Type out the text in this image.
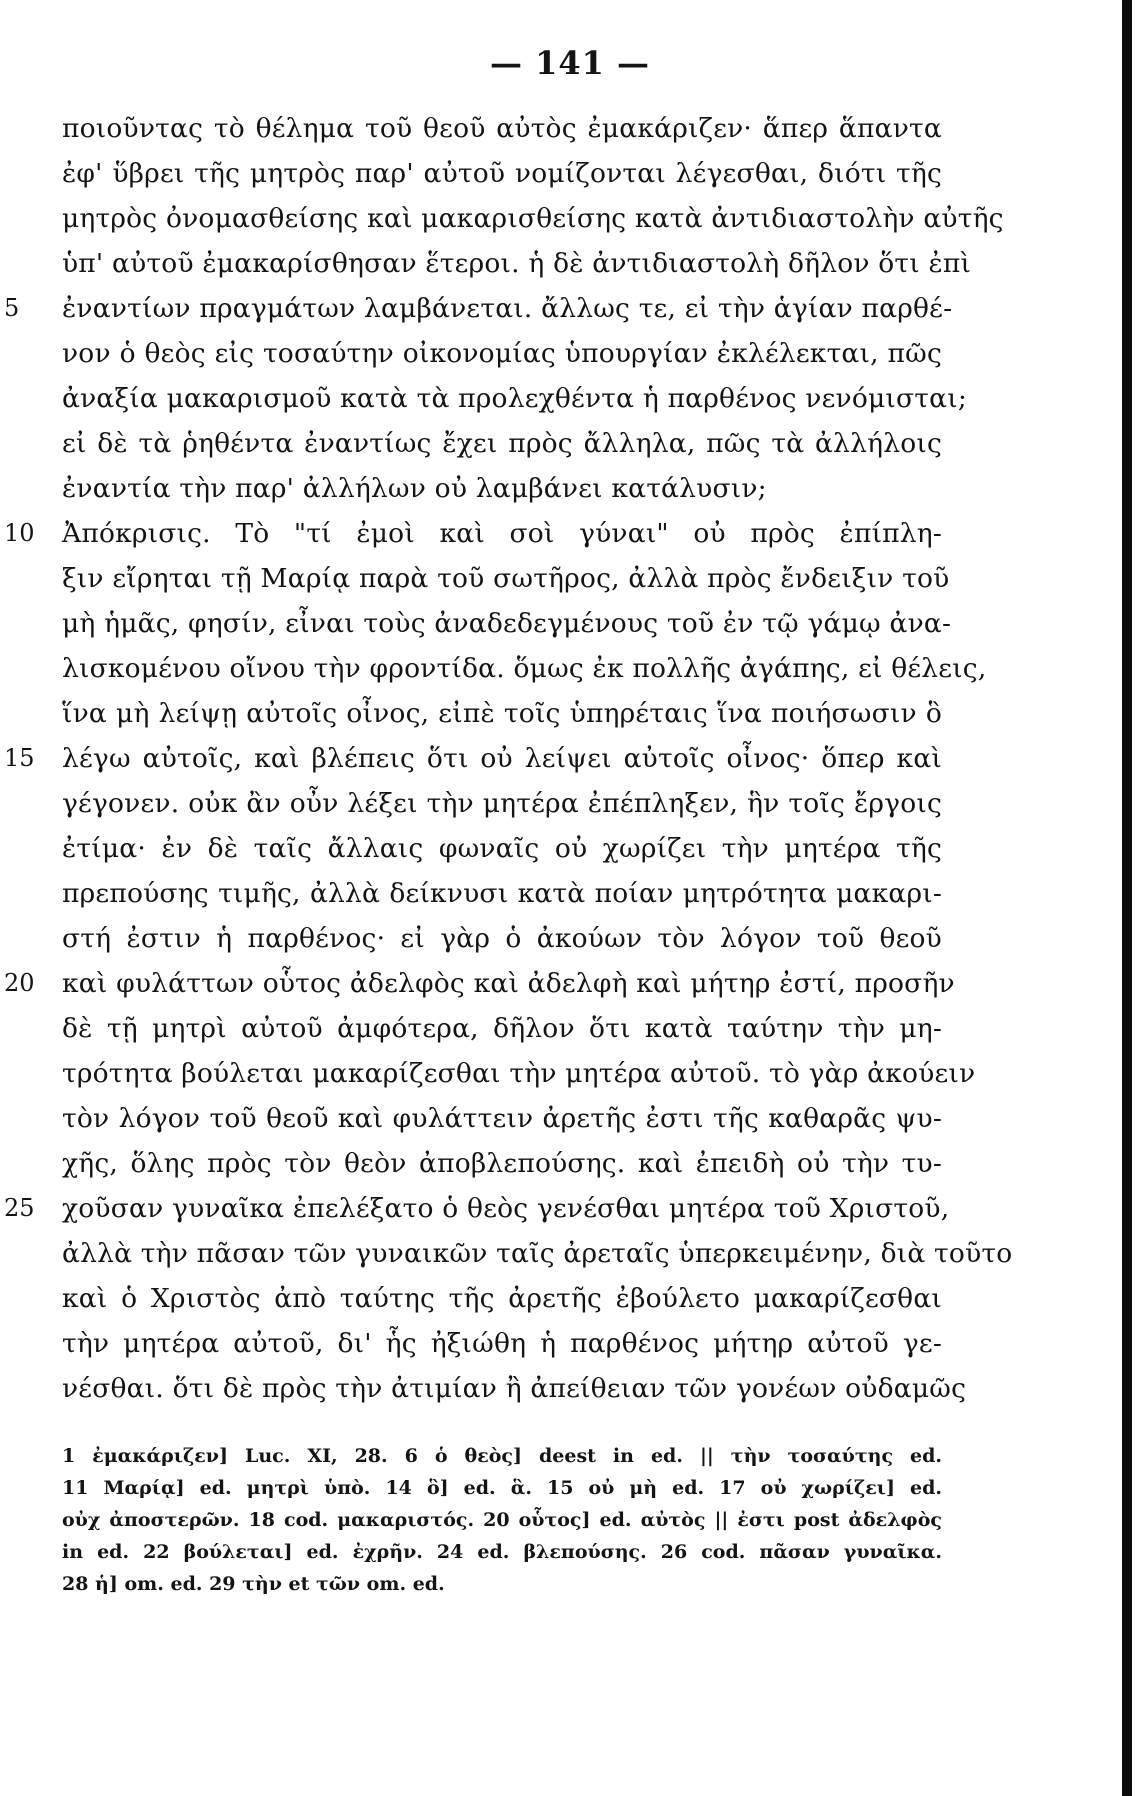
— 141 —
ποιοῦντας τὸ θέλημα τοῦ θεοῦ αὐτὸς ἐμακάριζεν· ἅπερ ἅπαντα
ἐφ' ὕβρει τῆς μητρὸς παρ' αὐτοῦ νομίζονται λέγεσθαι, διότι τῆς
μητρὸς ὀνομασθείσης καὶ μακαρισθείσης κατὰ ἀντιδιαστολὴν αὐτῆς
ὑπ' αὐτοῦ ἐμακαρίσθησαν ἕτεροι. ἡ δὲ ἀντιδιαστολὴ δῆλον ὅτι ἐπὶ
ἐναντίων πραγμάτων λαμβάνεται. ἄλλως τε, εἰ τὴν ἁγίαν παρθέ-
νον ὁ θεὸς εἰς τοσαύτην οἰκονομίας ὑπουργίαν ἐκλέλεκται, πῶς
ἀναξία μακαρισμοῦ κατὰ τὰ προλεχθέντα ἡ παρθένος νενόμισται;
εἰ δὲ τὰ ῥηθέντα ἐναντίως ἔχει πρὸς ἄλληλα, πῶς τὰ ἀλλήλοις
ἐναντία τὴν παρ' ἀλλήλων οὐ λαμβάνει κατάλυσιν;
Ἀπόκρισις. Τὸ "τί ἐμοὶ καὶ σοὶ γύναι" οὐ πρὸς ἐπίπλη-
ξιν εἴρηται τῇ Μαρίᾳ παρὰ τοῦ σωτῆρος, ἀλλὰ πρὸς ἔνδειξιν τοῦ
μὴ ἡμᾶς, φησίν, εἶναι τοὺς ἀναδεδεγμένους τοῦ ἐν τῷ γάμῳ ἀνα-
λισκομένου οἴνου τὴν φροντίδα. ὅμως ἐκ πολλῆς ἀγάπης, εἰ θέλεις,
ἵνα μὴ λείψῃ αὐτοῖς οἶνος, εἰπὲ τοῖς ὑπηρέταις ἵνα ποιήσωσιν ὃ
λέγω αὐτοῖς, καὶ βλέπεις ὅτι οὐ λείψει αὐτοῖς οἶνος· ὅπερ καὶ
γέγονεν. οὐκ ἂν οὖν λέξει τὴν μητέρα ἐπέπληξεν, ἣν τοῖς ἔργοις
ἐτίμα· ἐν δὲ ταῖς ἄλλαις φωναῖς οὐ χωρίζει τὴν μητέρα τῆς
πρεπούσης τιμῆς, ἀλλὰ δείκνυσι κατὰ ποίαν μητρότητα μακαρι-
στή ἐστιν ἡ παρθένος· εἰ γὰρ ὁ ἀκούων τὸν λόγον τοῦ θεοῦ
καὶ φυλάττων οὗτος ἀδελφὸς καὶ ἀδελφὴ καὶ μήτηρ ἐστί, προσῆν
δὲ τῇ μητρὶ αὐτοῦ ἀμφότερα, δῆλον ὅτι κατὰ ταύτην τὴν μη-
τρότητα βούλεται μακαρίζεσθαι τὴν μητέρα αὐτοῦ. τὸ γὰρ ἀκούειν
τὸν λόγον τοῦ θεοῦ καὶ φυλάττειν ἀρετῆς ἐστι τῆς καθαρᾶς ψυ-
χῆς, ὅλης πρὸς τὸν θεὸν ἀποβλεπούσης. καὶ ἐπειδὴ οὐ τὴν τυ-
χοῦσαν γυναῖκα ἐπελέξατο ὁ θεὸς γενέσθαι μητέρα τοῦ Χριστοῦ,
ἀλλὰ τὴν πᾶσαν τῶν γυναικῶν ταῖς ἀρεταῖς ὑπερκειμένην, διὰ τοῦτο
καὶ ὁ Χριστὸς ἀπὸ ταύτης τῆς ἀρετῆς ἐβούλετο μακαρίζεσθαι
τὴν μητέρα αὐτοῦ, δι' ἧς ἠξιώθη ἡ παρθένος μήτηρ αὐτοῦ γε-
νέσθαι. ὅτι δὲ πρὸς τὴν ἀτιμίαν ἢ ἀπείθειαν τῶν γονέων οὐδαμῶς
5
10
15
20
25
1 ἐμακάριζεν] Luc. XI, 28. 6 ὁ θεὸς] deest in ed. || τὴν τοσαύτης ed.
11 Μαρίᾳ] ed. μητρὶ ὑπὸ. 14 ὃ] ed. ἃ. 15 οὐ μὴ ed. 17 οὐ χωρίζει] ed.
οὐχ ἀποστερῶν. 18 cod. μακαριστός. 20 οὗτος] ed. αὐτὸς || ἐστι post ἀδελφὸς
in ed. 22 βούλεται] ed. ἐχρῆν. 24 ed. βλεπούσης. 26 cod. πᾶσαν γυναῖκα.
28 ἡ] om. ed. 29 τὴν et τῶν om. ed.
